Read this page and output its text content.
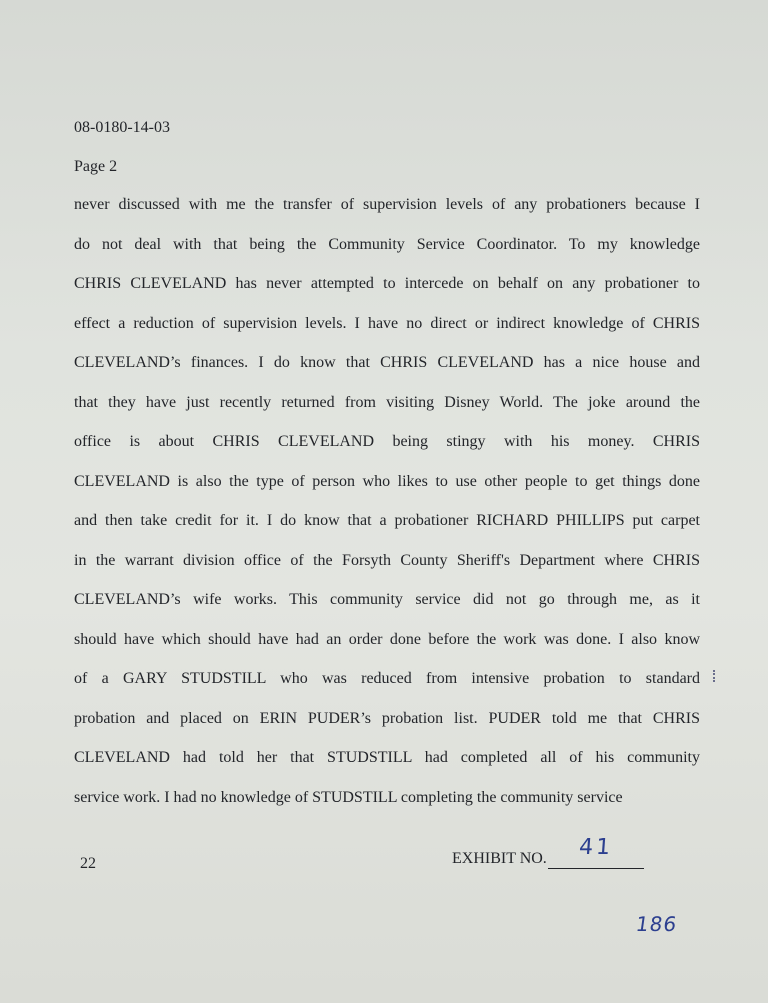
08-0180-14-03
Page 2
never discussed with me the transfer of supervision levels of any probationers because I
do not deal with that being the Community Service Coordinator. To my knowledge
CHRIS CLEVELAND has never attempted to intercede on behalf on any probationer to
effect a reduction of supervision levels. I have no direct or indirect knowledge of CHRIS
CLEVELAND’s finances. I do know that CHRIS CLEVELAND has a nice house and
that they have just recently returned from visiting Disney World. The joke around the
office is about CHRIS CLEVELAND being stingy with his money. CHRIS
CLEVELAND is also the type of person who likes to use other people to get things done
and then take credit for it. I do know that a probationer RICHARD PHILLIPS put carpet
in the warrant division office of the Forsyth County Sheriff's Department where CHRIS
CLEVELAND’s wife works. This community service did not go through me, as it
should have which should have had an order done before the work was done. I also know
of a GARY STUDSTILL who was reduced from intensive probation to standard
probation and placed on ERIN PUDER’s probation list. PUDER told me that CHRIS
CLEVELAND had told her that STUDSTILL had completed all of his community
service work. I had no knowledge of STUDSTILL completing the community service
22	EXHIBIT NO.	41
186
